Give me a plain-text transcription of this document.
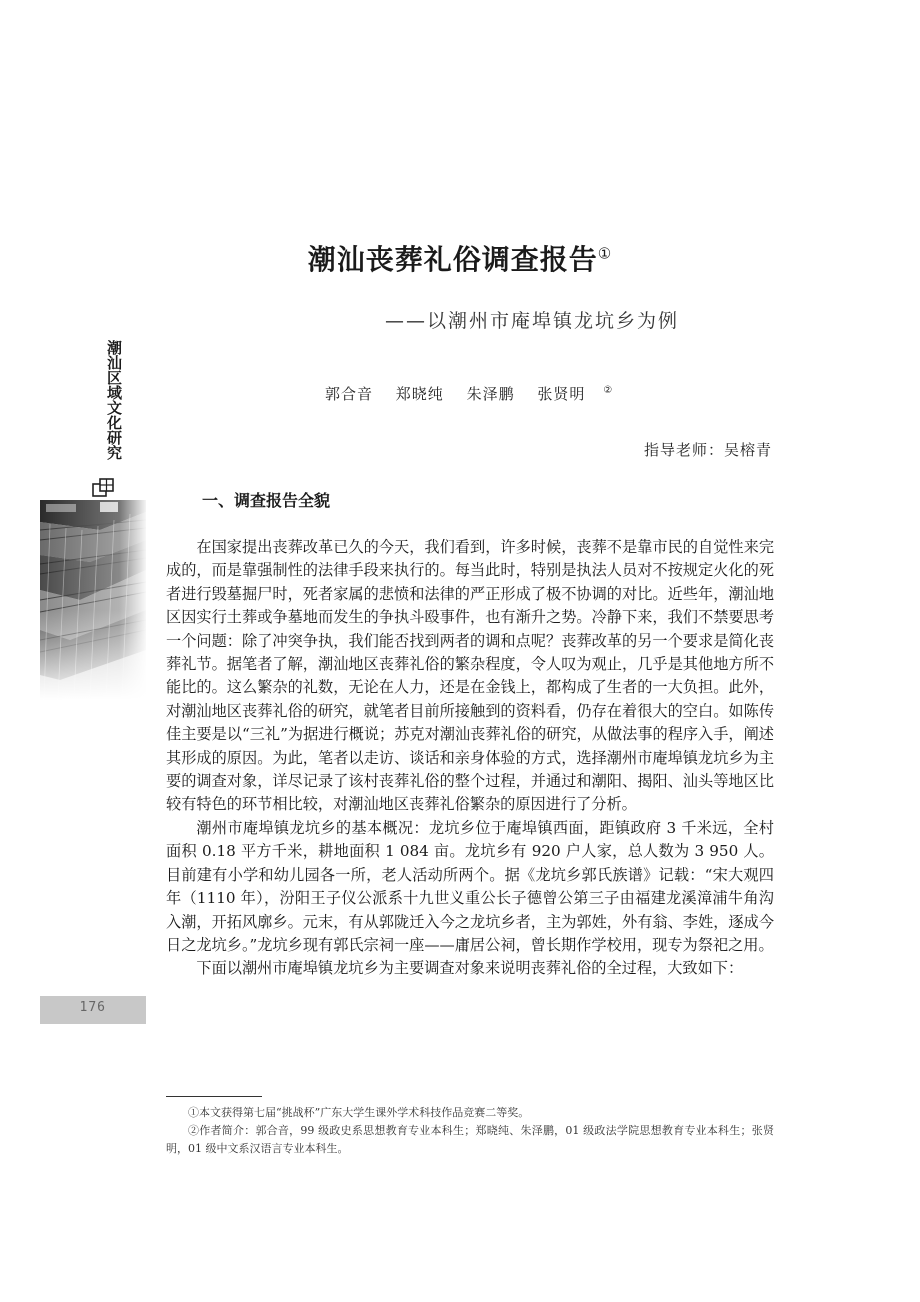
潮汕丧葬礼俗调查报告①
——以潮州市庵埠镇龙坑乡为例
郭合音 郑晓纯 朱泽鹏 张贤明 ②
指导老师：吴榕青
潮汕区域文化研究
176
一、调查报告全貌

在国家提出丧葬改革已久的今天，我们看到，许多时候，丧葬不是靠市民的自觉性来完成的，而是靠强制性的法律手段来执行的。每当此时，特别是执法人员对不按规定火化的死者进行毁墓掘尸时，死者家属的悲愤和法律的严正形成了极不协调的对比。近些年，潮汕地区因实行土葬或争墓地而发生的争执斗殴事件，也有渐升之势。冷静下来，我们不禁要思考一个问题：除了冲突争执，我们能否找到两者的调和点呢？丧葬改革的另一个要求是简化丧葬礼节。据笔者了解，潮汕地区丧葬礼俗的繁杂程度，令人叹为观止，几乎是其他地方所不能比的。这么繁杂的礼数，无论在人力，还是在金钱上，都构成了生者的一大负担。此外，对潮汕地区丧葬礼俗的研究，就笔者目前所接触到的资料看，仍存在着很大的空白。如陈传佳主要是以“三礼”为据进行概说；苏克对潮汕丧葬礼俗的研究，从做法事的程序入手，阐述其形成的原因。为此，笔者以走访、谈话和亲身体验的方式，选择潮州市庵埠镇龙坑乡为主要的调查对象，详尽记录了该村丧葬礼俗的整个过程，并通过和潮阳、揭阳、汕头等地区比较有特色的环节相比较，对潮汕地区丧葬礼俗繁杂的原因进行了分析。

潮州市庵埠镇龙坑乡的基本概况：龙坑乡位于庵埠镇西面，距镇政府 3 千米远，全村面积 0.18 平方千米，耕地面积 1 084 亩。龙坑乡有 920 户人家，总人数为 3 950 人。目前建有小学和幼儿园各一所，老人活动所两个。据《龙坑乡郭氏族谱》记载：“宋大观四年（1110 年），汾阳王子仪公派系十九世义重公长子德曾公第三子由福建龙溪漳浦牛角沟入潮，开拓风廓乡。元末，有从郭陇迁入今之龙坑乡者，主为郭姓，外有翁、李姓，逐成今日之龙坑乡。”龙坑乡现有郭氏宗祠一座——庸居公祠，曾长期作学校用，现专为祭祀之用。

下面以潮州市庵埠镇龙坑乡为主要调查对象来说明丧葬礼俗的全过程，大致如下：

①本文获得第七届“挑战杯”广东大学生课外学术科技作品竞赛二等奖。

②作者简介：郭合音，99 级政史系思想教育专业本科生；郑晓纯、朱泽鹏，01 级政法学院思想教育专业本科生；张贤明，01 级中文系汉语言专业本科生。
